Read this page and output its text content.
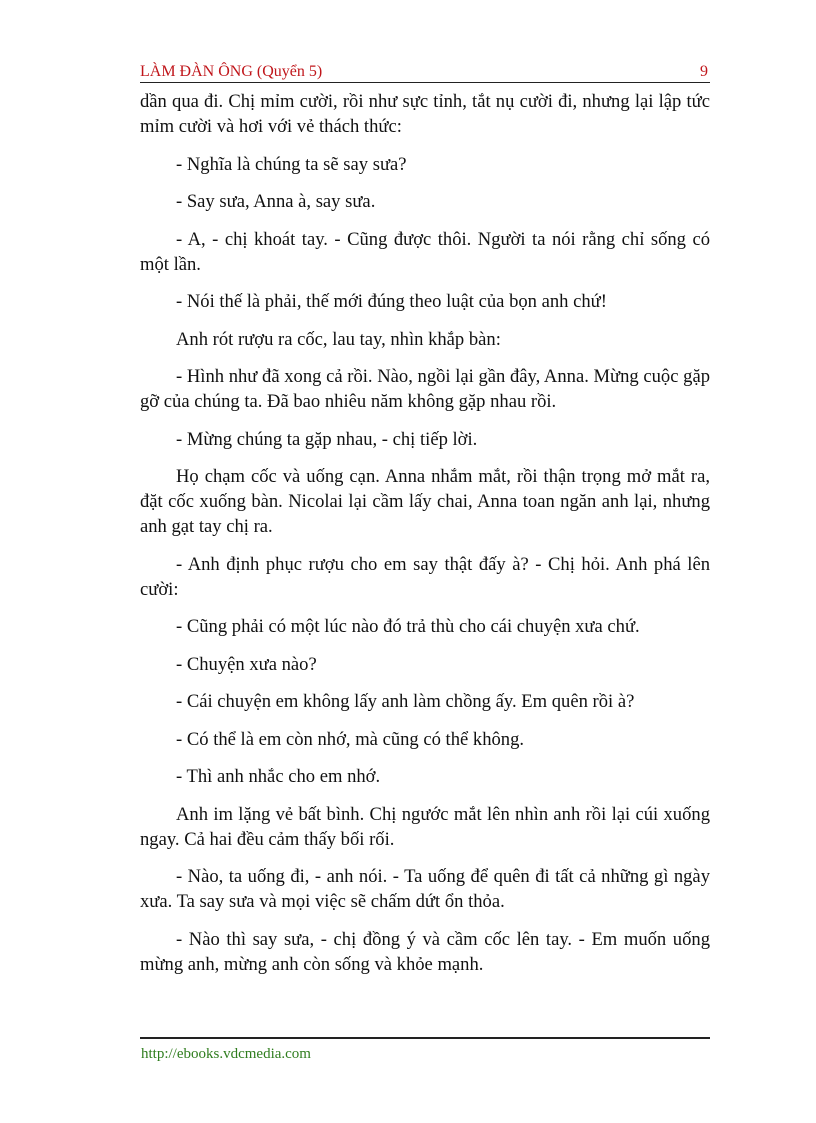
LÀM ĐÀN ÔNG (Quyển 5)	9

dần qua đi. Chị mỉm cười, rồi như sực tỉnh, tắt nụ cười đi, nhưng lại lập tức mỉm cười và hơi với vẻ thách thức:

- Nghĩa là chúng ta sẽ say sưa?

- Say sưa, Anna à, say sưa.

- A, - chị khoát tay. - Cũng được thôi. Người ta nói rằng chỉ sống có một lần.

- Nói thế là phải, thế mới đúng theo luật của bọn anh chứ!

Anh rót rượu ra cốc, lau tay, nhìn khắp bàn:

- Hình như đã xong cả rồi. Nào, ngồi lại gần đây, Anna. Mừng cuộc gặp gỡ của chúng ta. Đã bao nhiêu năm không gặp nhau rồi.

- Mừng chúng ta gặp nhau, - chị tiếp lời.

Họ chạm cốc và uống cạn. Anna nhắm mắt, rồi thận trọng mở mắt ra, đặt cốc xuống bàn. Nicolai lại cầm lấy chai, Anna toan ngăn anh lại, nhưng anh gạt tay chị ra.

- Anh định phục rượu cho em say thật đấy à? - Chị hỏi. Anh phá lên cười:

- Cũng phải có một lúc nào đó trả thù cho cái chuyện xưa chứ.

- Chuyện xưa nào?

- Cái chuyện em không lấy anh làm chồng ấy. Em quên rồi à?

- Có thể là em còn nhớ, mà cũng có thể không.

- Thì anh nhắc cho em nhớ.

Anh im lặng vẻ bất bình. Chị ngước mắt lên nhìn anh rồi lại cúi xuống ngay. Cả hai đều cảm thấy bối rối.

- Nào, ta uống đi, - anh nói. - Ta uống để quên đi tất cả những gì ngày xưa. Ta say sưa và mọi việc sẽ chấm dứt ổn thỏa.

- Nào thì say sưa, - chị đồng ý và cầm cốc lên tay. - Em muốn uống mừng anh, mừng anh còn sống và khỏe mạnh.

http://ebooks.vdcmedia.com
